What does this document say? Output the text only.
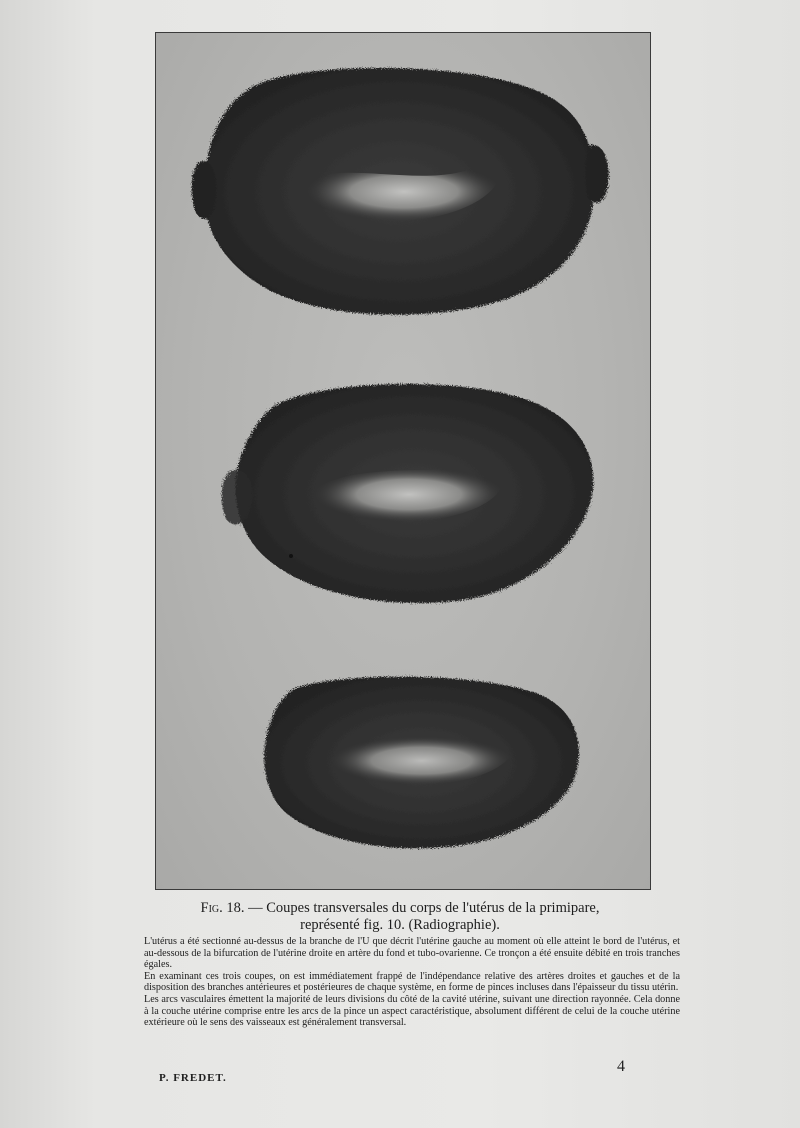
Fig. 18. — Coupes transversales du corps de l'utérus de la primipare,
représenté fig. 10. (Radiographie).

L'utérus a été sectionné au-dessus de la branche de l'U que décrit l'utérine gauche au moment où elle atteint le bord de l'utérus, et au-dessous de la bifurcation de l'utérine droite en artère du fond et tubo-ovarienne. Ce tronçon a été ensuite débité en trois tranches égales.

En examinant ces trois coupes, on est immédiatement frappé de l'indépendance relative des artères droites et gauches et de la disposition des branches antérieures et postérieures de chaque système, en forme de pinces incluses dans l'épaisseur du tissu utérin.

Les arcs vasculaires émettent la majorité de leurs divisions du côté de la cavité utérine, suivant une direction rayonnée. Cela donne à la couche utérine comprise entre les arcs de la pince un aspect caractéristique, absolument différent de celui de la couche utérine extérieure où le sens des vaisseaux est généralement transversal.

4
P. FREDET.
